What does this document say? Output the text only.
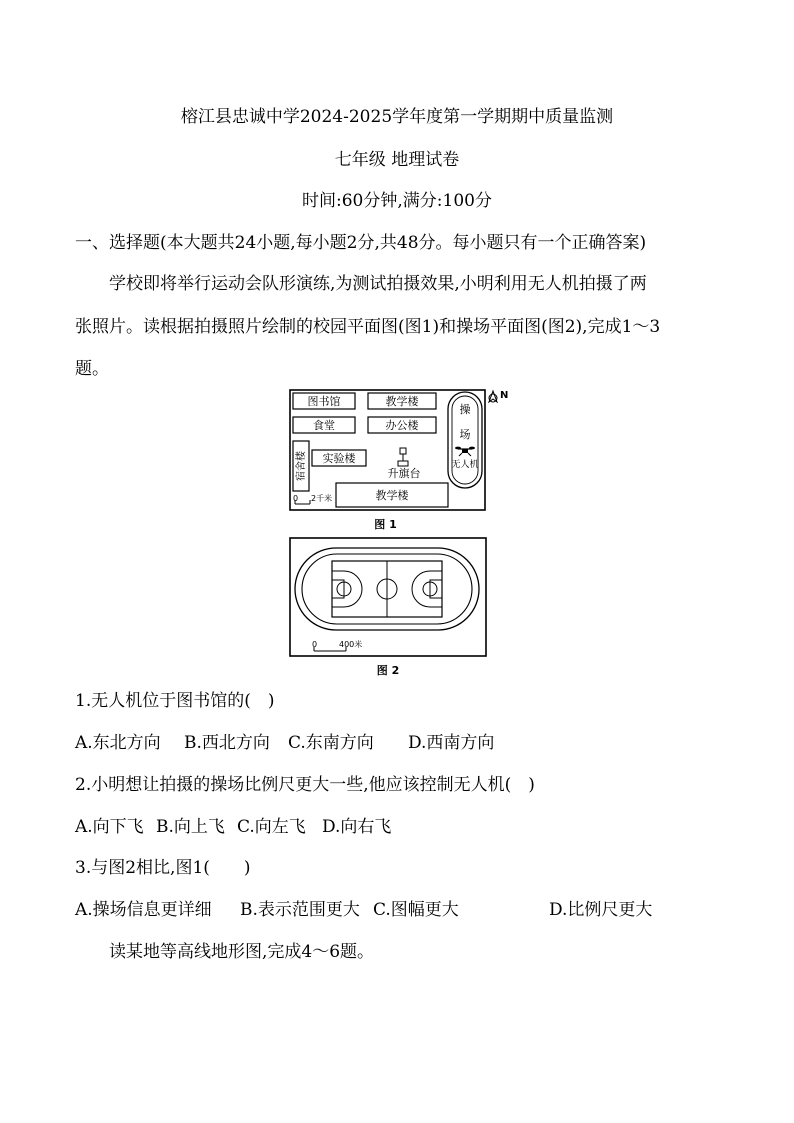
榕江县忠诚中学2024-2025学年度第一学期期中质量监测
七年级 地理试卷
时间:60分钟,满分:100分
一、选择题(本大题共24小题,每小题2分,共48分。每小题只有一个正确答案)
学校即将举行运动会队形演练,为测试拍摄效果,小明利用无人机拍摄了两
张照片。读根据拍摄照片绘制的校园平面图(图1)和操场平面图(图2),完成1～3
题。
图书馆	教学楼
食堂	办公楼
宿舍楼 实验楼
升旗台
教学楼
操
场
无人机
N
0 2千米
图 1
0	400米
图 2
1.无人机位于图书馆的(　)
A.东北方向 B.西北方向 C.东南方向 D.西南方向
2.小明想让拍摄的操场比例尺更大一些,他应该控制无人机(　)
A.向下飞 B.向上飞 C.向左飞 D.向右飞
3.与图2相比,图1(　　)
A.操场信息更详细 B.表示范围更大 C.图幅更大	D.比例尺更大
读某地等高线地形图,完成4～6题。
